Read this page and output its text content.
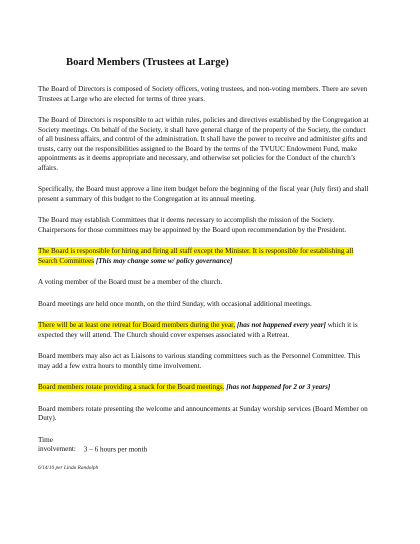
Board Members (Trustees at Large)

The Board of Directors is composed of Society officers, voting trustees, and non-voting members. There are seven Trustees at Large who are elected for terms of three years.

The Board of Directors is responsible to act within rules, policies and directives established by the Congregation at Society meetings. On behalf of the Society, it shall have general charge of the property of the Society, the conduct of all business affairs, and control of the administration. It shall have the power to receive and administer gifts and trusts, carry out the responsibilities assigned to the Board by the terms of the TVUUC Endowment Fund, make appointments as it deems appropriate and necessary, and otherwise set policies for the Conduct of the church’s affairs.

Specifically, the Board must approve a line item budget before the beginning of the fiscal year (July first) and shall present a summary of this budget to the Congregation at its annual meeting.

The Board may establish Committees that it deems necessary to accomplish the mission of the Society. Chairpersons for those committees may be appointed by the Board upon recommendation by the President.

The Board is responsible for hiring and firing all staff except the Minister. It is responsible for establishing all Search Committees [This may change some w/ policy governance]

A voting member of the Board must be a member of the church.

Board meetings are held once month, on the third Sunday, with occasional additional meetings.

There will be at least one retreat for Board members during the year, [has not happened every year] which it is expected they will attend. The Church should cover expenses associated with a Retreat.

Board members may also act as Liaisons to various standing committees such as the Personnel Committee. This may add a few extra hours to monthly time involvement.

Board members rotate providing a snack for the Board meetings. [has not happened for 2 or 3 years]

Board members rotate presenting the welcome and announcements at Sunday worship services (Board Member on Duty).

Time involvement: 3 – 6 hours per month

6/14/10 per Linda Randolph
